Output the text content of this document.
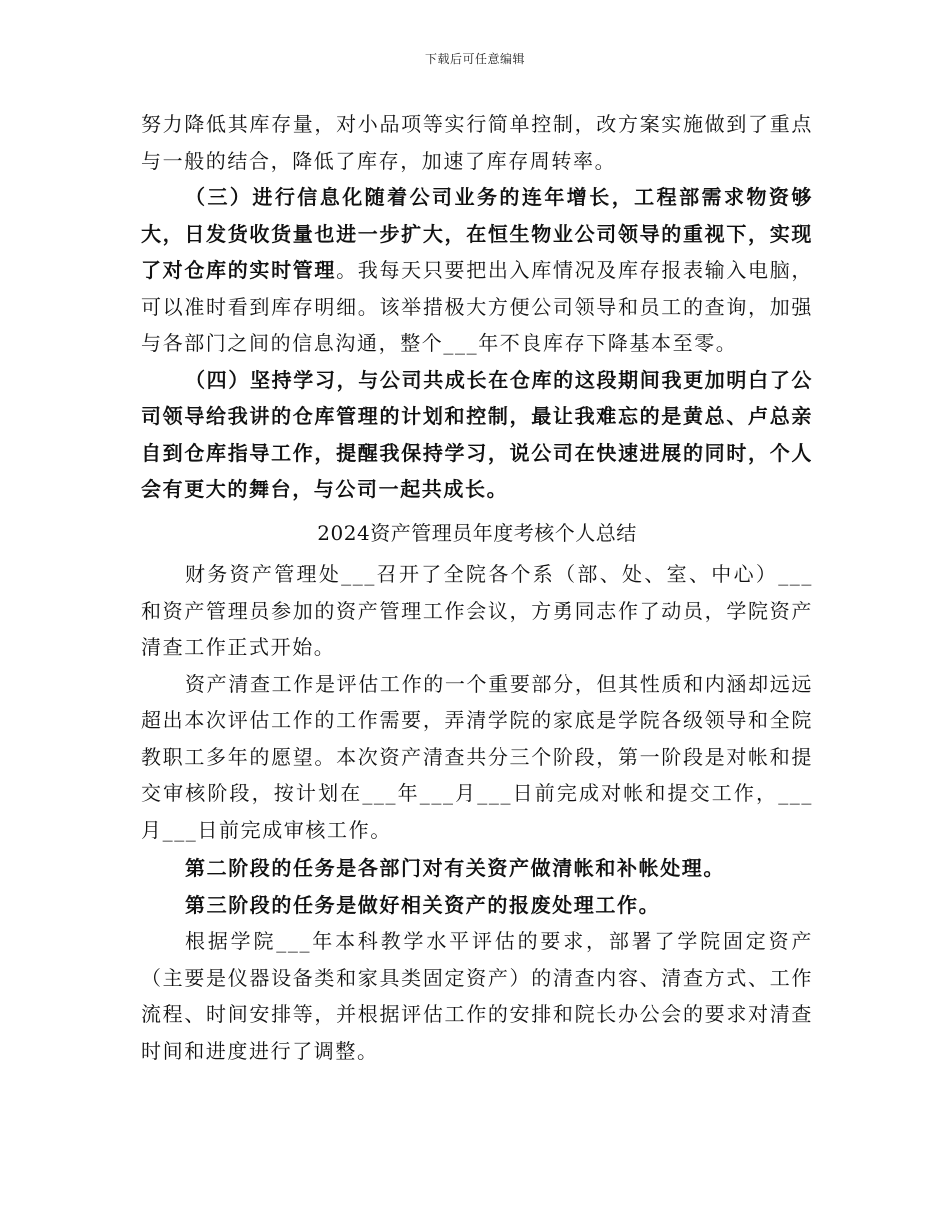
下载后可任意编辑

努力降低其库存量，对小品项等实行简单控制，改方案实施做到了重点与一般的结合，降低了库存，加速了库存周转率。

（三）进行信息化随着公司业务的连年增长，工程部需求物资够大，日发货收货量也进一步扩大，在恒生物业公司领导的重视下，实现了对仓库的实时管理。我每天只要把出入库情况及库存报表输入电脑，可以准时看到库存明细。该举措极大方便公司领导和员工的查询，加强与各部门之间的信息沟通，整个___年不良库存下降基本至零。

（四）坚持学习，与公司共成长在仓库的这段期间我更加明白了公司领导给我讲的仓库管理的计划和控制，最让我难忘的是黄总、卢总亲自到仓库指导工作，提醒我保持学习，说公司在快速进展的同时，个人会有更大的舞台，与公司一起共成长。

2024资产管理员年度考核个人总结

财务资产管理处___召开了全院各个系（部、处、室、中心）___和资产管理员参加的资产管理工作会议，方勇同志作了动员，学院资产清查工作正式开始。

资产清查工作是评估工作的一个重要部分，但其性质和内涵却远远超出本次评估工作的工作需要，弄清学院的家底是学院各级领导和全院教职工多年的愿望。本次资产清查共分三个阶段，第一阶段是对帐和提交审核阶段，按计划在___年___月___日前完成对帐和提交工作，___月___日前完成审核工作。

第二阶段的任务是各部门对有关资产做清帐和补帐处理。

第三阶段的任务是做好相关资产的报废处理工作。

根据学院___年本科教学水平评估的要求，部署了学院固定资产（主要是仪器设备类和家具类固定资产）的清查内容、清查方式、工作流程、时间安排等，并根据评估工作的安排和院长办公会的要求对清查时间和进度进行了调整。
